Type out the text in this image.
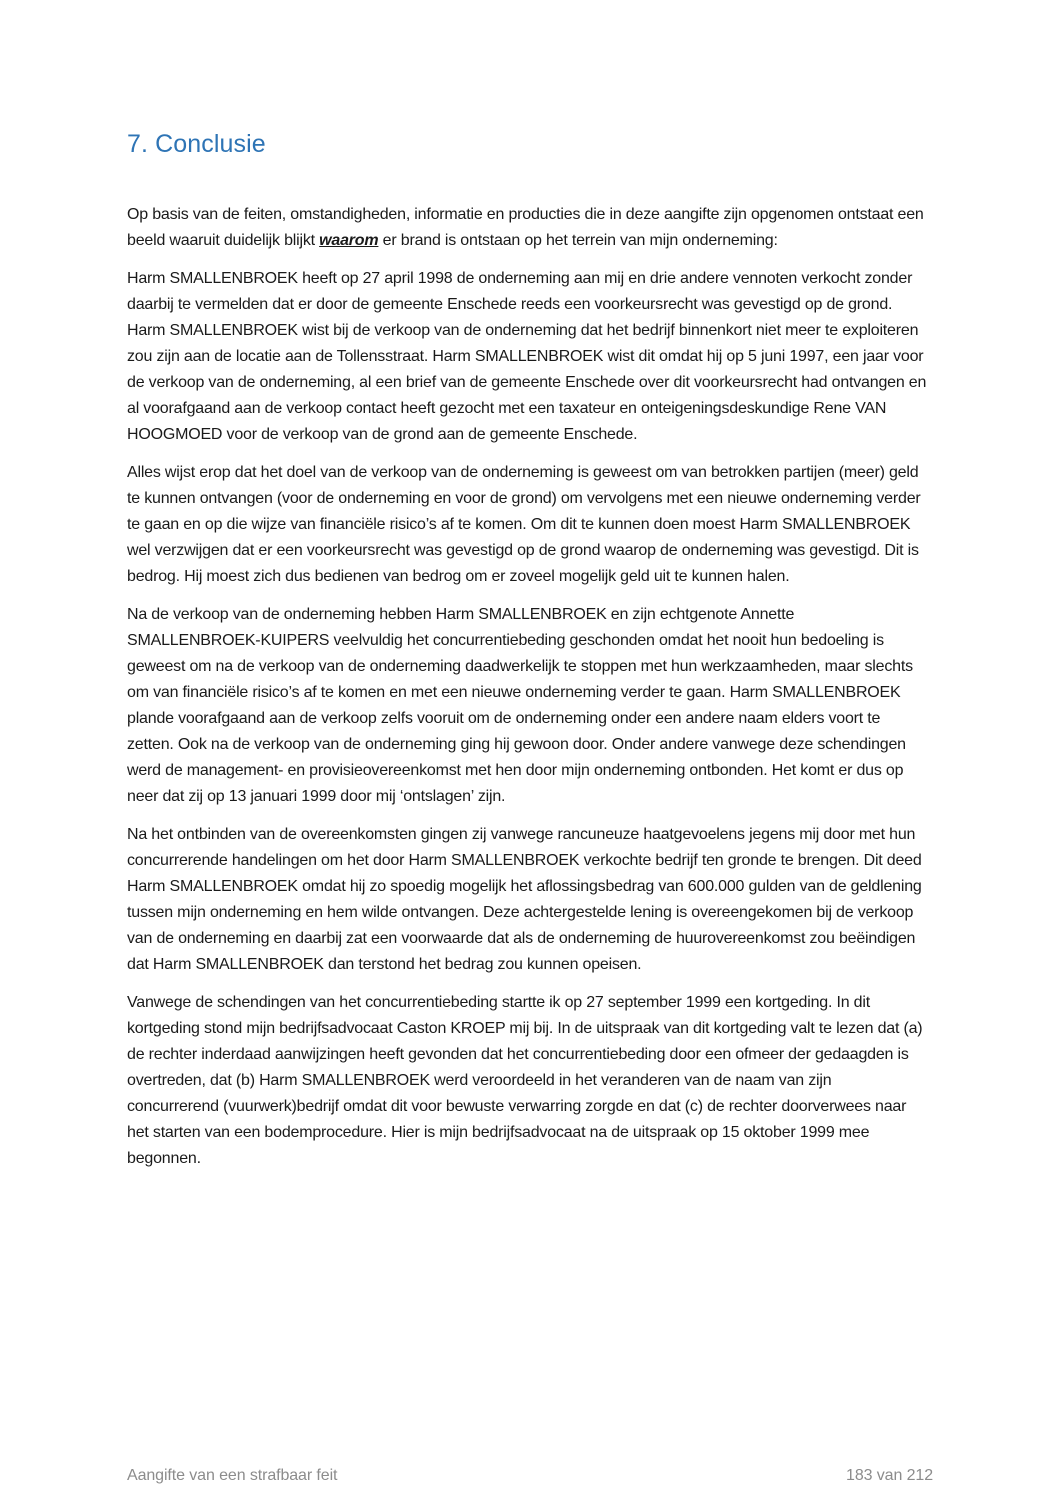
7. Conclusie

Op basis van de feiten, omstandigheden, informatie en producties die in deze aangifte zijn opgenomen ontstaat een beeld waaruit duidelijk blijkt waarom er brand is ontstaan op het terrein van mijn onderneming:

Harm SMALLENBROEK heeft op 27 april 1998 de onderneming aan mij en drie andere vennoten verkocht zonder daarbij te vermelden dat er door de gemeente Enschede reeds een voorkeursrecht was gevestigd op de grond. Harm SMALLENBROEK wist bij de verkoop van de onderneming dat het bedrijf binnenkort niet meer te exploiteren zou zijn aan de locatie aan de Tollensstraat. Harm SMALLENBROEK wist dit omdat hij op 5 juni 1997, een jaar voor de verkoop van de onderneming, al een brief van de gemeente Enschede over dit voorkeursrecht had ontvangen en al voorafgaand aan de verkoop contact heeft gezocht met een taxateur en onteigeningsdeskundige Rene VAN HOOGMOED voor de verkoop van de grond aan de gemeente Enschede.

Alles wijst erop dat het doel van de verkoop van de onderneming is geweest om van betrokken partijen (meer) geld te kunnen ontvangen (voor de onderneming en voor de grond) om vervolgens met een nieuwe onderneming verder te gaan en op die wijze van financiële risico’s af te komen. Om dit te kunnen doen moest Harm SMALLENBROEK wel verzwijgen dat er een voorkeursrecht was gevestigd op de grond waarop de onderneming was gevestigd. Dit is bedrog. Hij moest zich dus bedienen van bedrog om er zoveel mogelijk geld uit te kunnen halen.

Na de verkoop van de onderneming hebben Harm SMALLENBROEK en zijn echtgenote Annette SMALLENBROEK-KUIPERS veelvuldig het concurrentiebeding geschonden omdat het nooit hun bedoeling is geweest om na de verkoop van de onderneming daadwerkelijk te stoppen met hun werkzaamheden, maar slechts om van financiële risico’s af te komen en met een nieuwe onderneming verder te gaan. Harm SMALLENBROEK plande voorafgaand aan de verkoop zelfs vooruit om de onderneming onder een andere naam elders voort te zetten. Ook na de verkoop van de onderneming ging hij gewoon door. Onder andere vanwege deze schendingen werd de management- en provisieovereenkomst met hen door mijn onderneming ontbonden. Het komt er dus op neer dat zij op 13 januari 1999 door mij ‘ontslagen’ zijn.

Na het ontbinden van de overeenkomsten gingen zij vanwege rancuneuze haatgevoelens jegens mij door met hun concurrerende handelingen om het door Harm SMALLENBROEK verkochte bedrijf ten gronde te brengen. Dit deed Harm SMALLENBROEK omdat hij zo spoedig mogelijk het aflossingsbedrag van 600.000 gulden van de geldlening tussen mijn onderneming en hem wilde ontvangen. Deze achtergestelde lening is overeengekomen bij de verkoop van de onderneming en daarbij zat een voorwaarde dat als de onderneming de huurovereenkomst zou beëindigen dat Harm SMALLENBROEK dan terstond het bedrag zou kunnen opeisen.

Vanwege de schendingen van het concurrentiebeding startte ik op 27 september 1999 een kortgeding. In dit kortgeding stond mijn bedrijfsadvocaat Caston KROEP mij bij. In de uitspraak van dit kortgeding valt te lezen dat (a) de rechter inderdaad aanwijzingen heeft gevonden dat het concurrentiebeding door een ofmeer der gedaagden is overtreden, dat (b) Harm SMALLENBROEK werd veroordeeld in het veranderen van de naam van zijn concurrerend (vuurwerk)bedrijf omdat dit voor bewuste verwarring zorgde en dat (c) de rechter doorverwees naar het starten van een bodemprocedure. Hier is mijn bedrijfsadvocaat na de uitspraak op 15 oktober 1999 mee begonnen.

Aangifte van een strafbaar feit	183 van 212
